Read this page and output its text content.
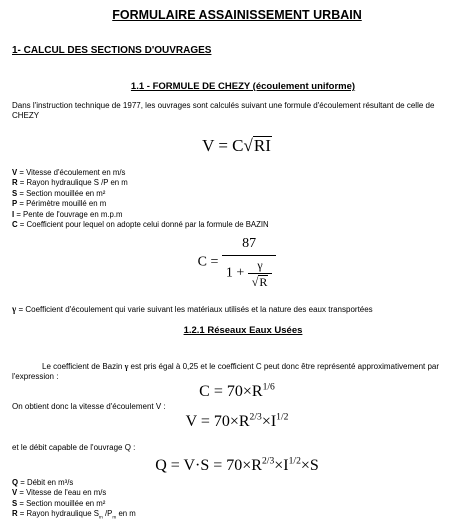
FORMULAIRE ASSAINISSEMENT URBAIN
1- CALCUL DES SECTIONS D'OUVRAGES
1.1 - FORMULE DE CHEZY (écoulement uniforme)
Dans l'instruction technique de 1977, les ouvrages sont calculés suivant une formule d'écoulement résultant de celle de CHEZY
V = C√RI
V = Vitesse d'écoulement en m/s
R = Rayon hydraulique S /P en m
S = Section mouillée en m²
P = Périmètre mouillé en m
I = Pente de l'ouvrage en m.p.m
C = Coefficient pour lequel on adopte celui donné par la formule de BAZIN
$C = \frac{87}{1 + \frac{\gamma}{√R}}$
γ = Coefficient d'écoulement qui varie suivant les matériaux utilisés et la nature des eaux transportées
1.2.1 Réseaux Eaux Usées
Le coefficient de Bazin γ est pris égal à 0,25 et le coefficient C peut donc être représenté approximativement par l'expression :
$C = 70\times R^{1/6}$
On obtient donc la vitesse d'écoulement V :
$V = 70\times R^{2/3}\times I^{1/2}$
et le débit capable de l'ouvrage Q :
$Q = V\cdot S = 70\times R^{2/3}\times I^{1/2}\times S$
Q = Débit en m³/s
V = Vitesse de l'eau en m/s
S = Section mouillée en m²
R = Rayon hydraulique $S_m$ $/P_m$ en m
